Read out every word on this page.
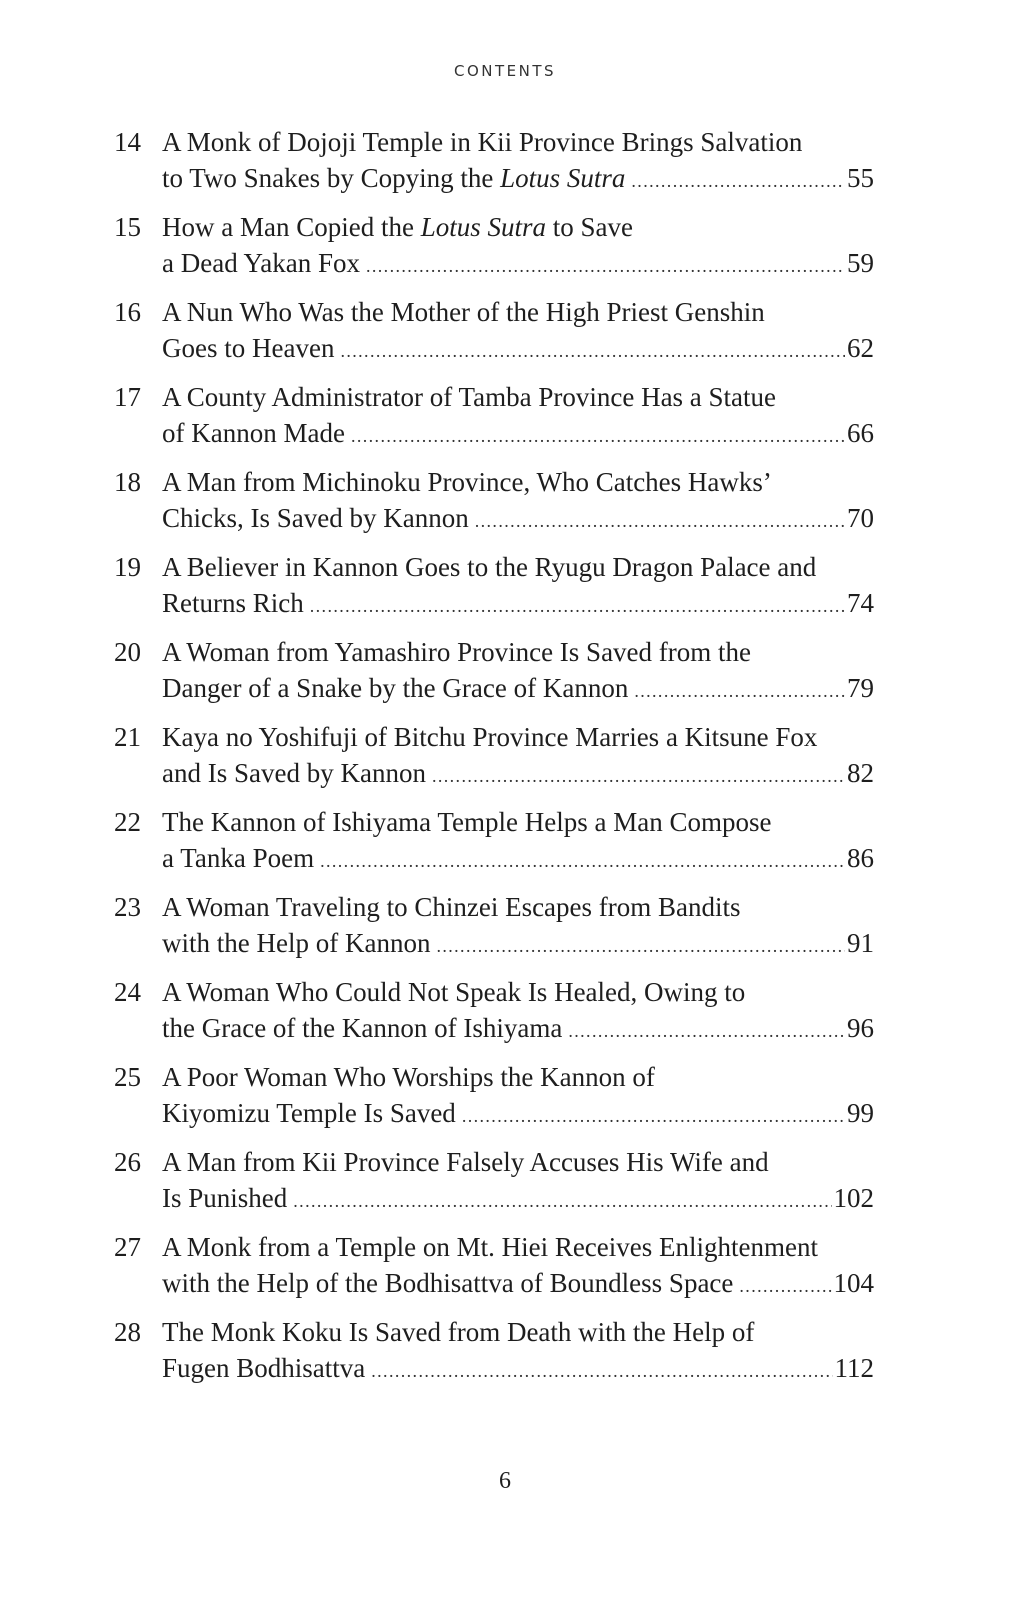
CONTENTS
14 A Monk of Dojoji Temple in Kii Province Brings Salvation
to Two Snakes by Copying the Lotus Sutra .....	55
15 How a Man Copied the Lotus Sutra to Save
a Dead Yakan Fox .....	59
16 A Nun Who Was the Mother of the High Priest Genshin
Goes to Heaven .....	62
17 A County Administrator of Tamba Province Has a Statue
of Kannon Made .....	66
18 A Man from Michinoku Province, Who Catches Hawks’
Chicks, Is Saved by Kannon .....	70
19 A Believer in Kannon Goes to the Ryugu Dragon Palace and
Returns Rich .....	74
20 A Woman from Yamashiro Province Is Saved from the
Danger of a Snake by the Grace of Kannon .....	79
21 Kaya no Yoshifuji of Bitchu Province Marries a Kitsune Fox
and Is Saved by Kannon .....	82
22 The Kannon of Ishiyama Temple Helps a Man Compose
a Tanka Poem .....	86
23 A Woman Traveling to Chinzei Escapes from Bandits
with the Help of Kannon .....	91
24 A Woman Who Could Not Speak Is Healed, Owing to
the Grace of the Kannon of Ishiyama .....	96
25 A Poor Woman Who Worships the Kannon of
Kiyomizu Temple Is Saved .....	99
26 A Man from Kii Province Falsely Accuses His Wife and
Is Punished .....	102
27 A Monk from a Temple on Mt. Hiei Receives Enlightenment
with the Help of the Bodhisattva of Boundless Space .....	104
28 The Monk Koku Is Saved from Death with the Help of
Fugen Bodhisattva .....	112
6
